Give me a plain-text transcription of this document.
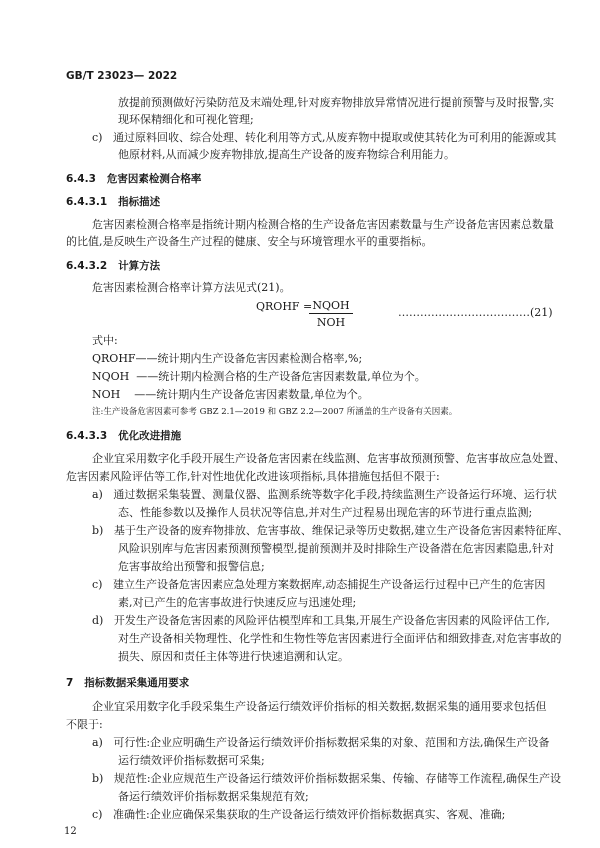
GB/T 23023— 2022
放提前预测做好污染防范及末端处理,针对废弃物排放异常情况进行提前预警与及时报警,实
现环保精细化和可视化管理;
c)   通过原料回收、综合处理、转化利用等方式,从废弃物中提取或使其转化为可利用的能源或其
他原材料,从而减少废弃物排放,提高生产设备的废弃物综合利用能力。
6.4.3   危害因素检测合格率
6.4.3.1   指标描述
危害因素检测合格率是指统计期内检测合格的生产设备危害因素数量与生产设备危害因素总数量
的比值,是反映生产设备生产过程的健康、安全与环境管理水平的重要指标。
6.4.3.2   计算方法
危害因素检测合格率计算方法见式(21)。
QROHF = NQOH
NOH
………………………………(21)
式中:
QROHF——统计期内生产设备危害因素检测合格率,%;
NQOH  ——统计期内检测合格的生产设备危害因素数量,单位为个。
NOH    ——统计期内生产设备危害因素数量,单位为个。
注:生产设备危害因素可参考 GBZ 2.1—2019 和 GBZ 2.2—2007 所涵盖的生产设备有关因素。
6.4.3.3   优化改进措施
企业宜采用数字化手段开展生产设备危害因素在线监测、危害事故预测预警、危害事故应急处置、
危害因素风险评估等工作,针对性地优化改进该项指标,具体措施包括但不限于:
a)   通过数据采集装置、测量仪器、监测系统等数字化手段,持续监测生产设备运行环境、运行状
态、性能参数以及操作人员状况等信息,并对生产过程易出现危害的环节进行重点监测;
b)   基于生产设备的废弃物排放、危害事故、维保记录等历史数据,建立生产设备危害因素特征库、
风险识别库与危害因素预测预警模型,提前预测并及时排除生产设备潜在危害因素隐患,针对
危害事故给出预警和报警信息;
c)   建立生产设备危害因素应急处理方案数据库,动态捕捉生产设备运行过程中已产生的危害因
素,对已产生的危害事故进行快速反应与迅速处理;
d)   开发生产设备危害因素的风险评估模型库和工具集,开展生产设备危害因素的风险评估工作,
对生产设备相关物理性、化学性和生物性等危害因素进行全面评估和细致排查,对危害事故的
损失、原因和责任主体等进行快速追溯和认定。
7   指标数据采集通用要求
企业宜采用数字化手段采集生产设备运行绩效评价指标的相关数据,数据采集的通用要求包括但
不限于:
a)   可行性:企业应明确生产设备运行绩效评价指标数据采集的对象、范围和方法,确保生产设备
运行绩效评价指标数据可采集;
b)   规范性:企业应规范生产设备运行绩效评价指标数据采集、传输、存储等工作流程,确保生产设
备运行绩效评价指标数据采集规范有效;
c)   准确性:企业应确保采集获取的生产设备运行绩效评价指标数据真实、客观、准确;
12
